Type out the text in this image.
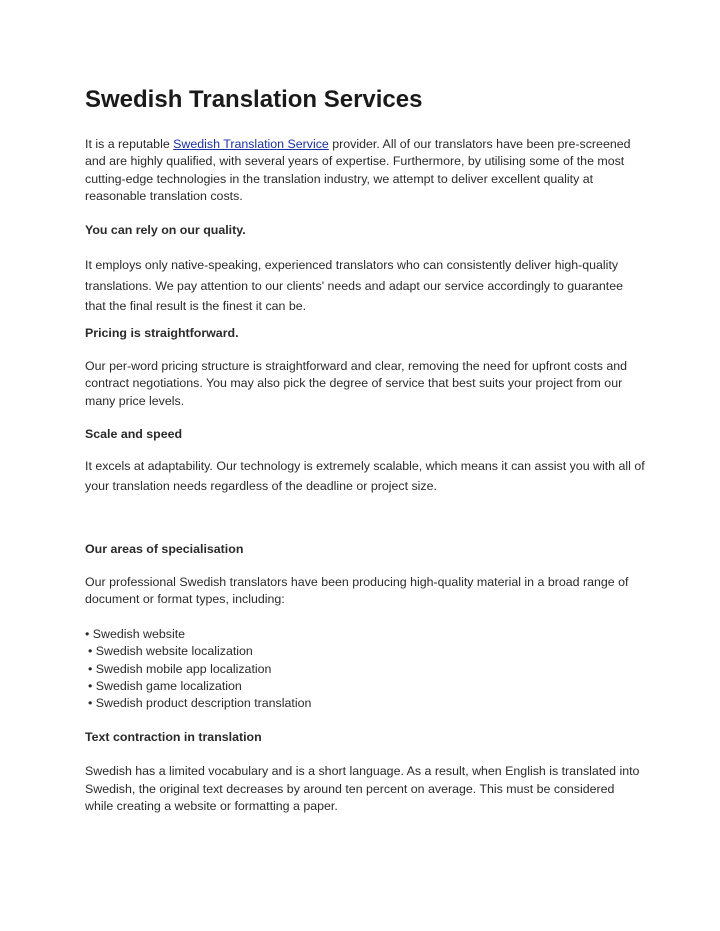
Swedish Translation Services

It is a reputable Swedish Translation Service provider. All of our translators have been pre-screened and are highly qualified, with several years of expertise. Furthermore, by utilising some of the most cutting-edge technologies in the translation industry, we attempt to deliver excellent quality at reasonable translation costs.

You can rely on our quality.

It employs only native-speaking, experienced translators who can consistently deliver high-quality translations. We pay attention to our clients' needs and adapt our service accordingly to guarantee that the final result is the finest it can be.

Pricing is straightforward.

Our per-word pricing structure is straightforward and clear, removing the need for upfront costs and contract negotiations. You may also pick the degree of service that best suits your project from our many price levels.

Scale and speed

It excels at adaptability. Our technology is extremely scalable, which means it can assist you with all of your translation needs regardless of the deadline or project size.

Our areas of specialisation

Our professional Swedish translators have been producing high-quality material in a broad range of document or format types, including:

• Swedish website
• Swedish website localization
• Swedish mobile app localization
• Swedish game localization
• Swedish product description translation
Text contraction in translation

Swedish has a limited vocabulary and is a short language. As a result, when English is translated into Swedish, the original text decreases by around ten percent on average. This must be considered while creating a website or formatting a paper.
